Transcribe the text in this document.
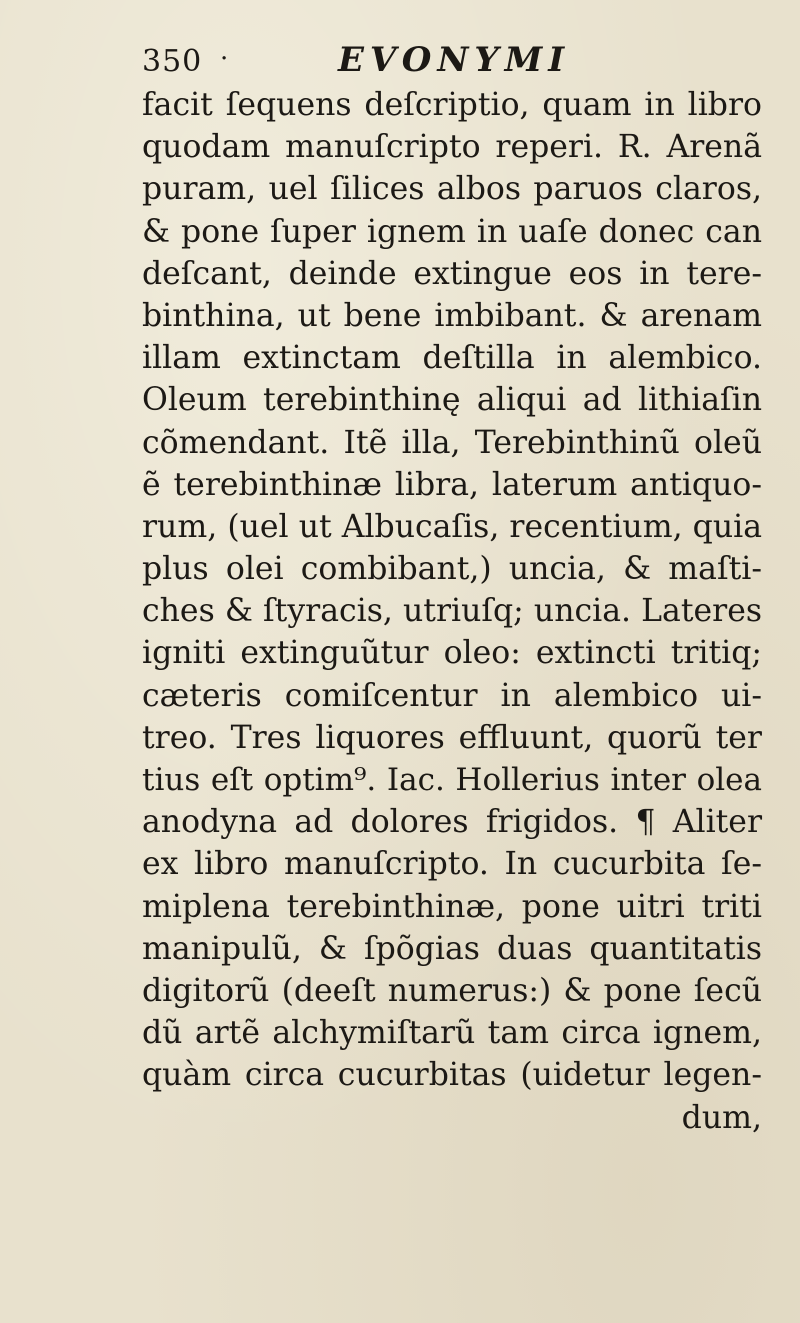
350 ·	EVONYMI
facit ſequens deſcriptio, quam in libro
quodam manuſcripto reperi. R. Arenã
puram, uel ſilices albos paruos claros,
& pone ſuper ignem in uaſe donec can
deſcant, deinde extingue eos in tere-
binthina, ut bene imbibant. & arenam
illam extinctam deſtilla in alembico.
Oleum terebinthinę aliqui ad lithiaſin
cõmendant. Itẽ illa, Terebinthinũ oleũ
ẽ terebinthinæ libra, laterum antiquo-
rum, (uel ut Albucaſis, recentium, quia
plus olei combibant,) uncia, & maſti-
ches & ſtyracis, utriuſq; uncia. Lateres
igniti extinguũtur oleo: extincti tritiq;
cæteris comiſcentur in alembico ui-
treo. Tres liquores effluunt, quorũ ter
tius eſt optim⁹. Iac. Hollerius inter olea
anodyna ad dolores frigidos. ¶ Aliter
ex libro manuſcripto. In cucurbita ſe-
miplena terebinthinæ, pone uitri triti
manipulũ, & ſpõgias duas quantitatis
digitorũ (deeſt numerus:) & pone ſecũ
dũ artẽ alchymiſtarũ tam circa ignem,
quàm circa cucurbitas (uidetur legen-
dum,
